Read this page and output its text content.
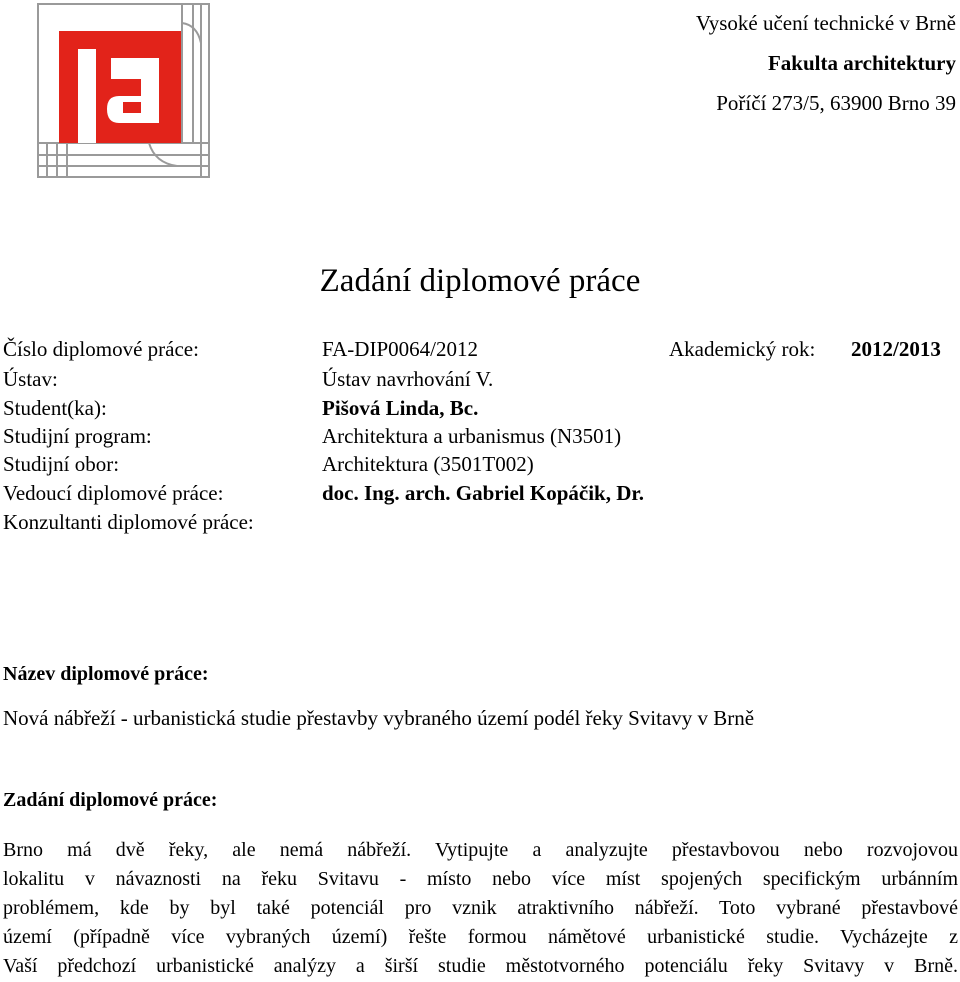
Vysoké učení technické v Brně
Fakulta architektury
Poříčí 273/5, 63900 Brno 39
Zadání diplomové práce
Číslo diplomové práce:	FA-DIP0064/2012	Akademický rok: 2012/2013
Ústav:	Ústav navrhování V.
Student(ka):	Pišová Linda, Bc.
Studijní program:	Architektura a urbanismus (N3501)
Studijní obor:	Architektura (3501T002)
Vedoucí diplomové práce:	doc. Ing. arch. Gabriel Kopáčik, Dr.
Konzultanti diplomové práce:
Název diplomové práce:
Nová nábřeží - urbanistická studie přestavby vybraného území podél řeky Svitavy v Brně
Zadání diplomové práce:
Brno má dvě řeky, ale nemá nábřeží. Vytipujte a analyzujte přestavbovou nebo rozvojovou
lokalitu v návaznosti na řeku Svitavu - místo nebo více míst spojených specifickým urbánním
problémem, kde by byl také potenciál pro vznik atraktivního nábřeží. Toto vybrané přestavbové
území (případně více vybraných území) řešte formou námětové urbanistické studie. Vycházejte z
Vaší předchozí urbanistické analýzy a širší studie městotvorného potenciálu řeky Svitavy v Brně.
